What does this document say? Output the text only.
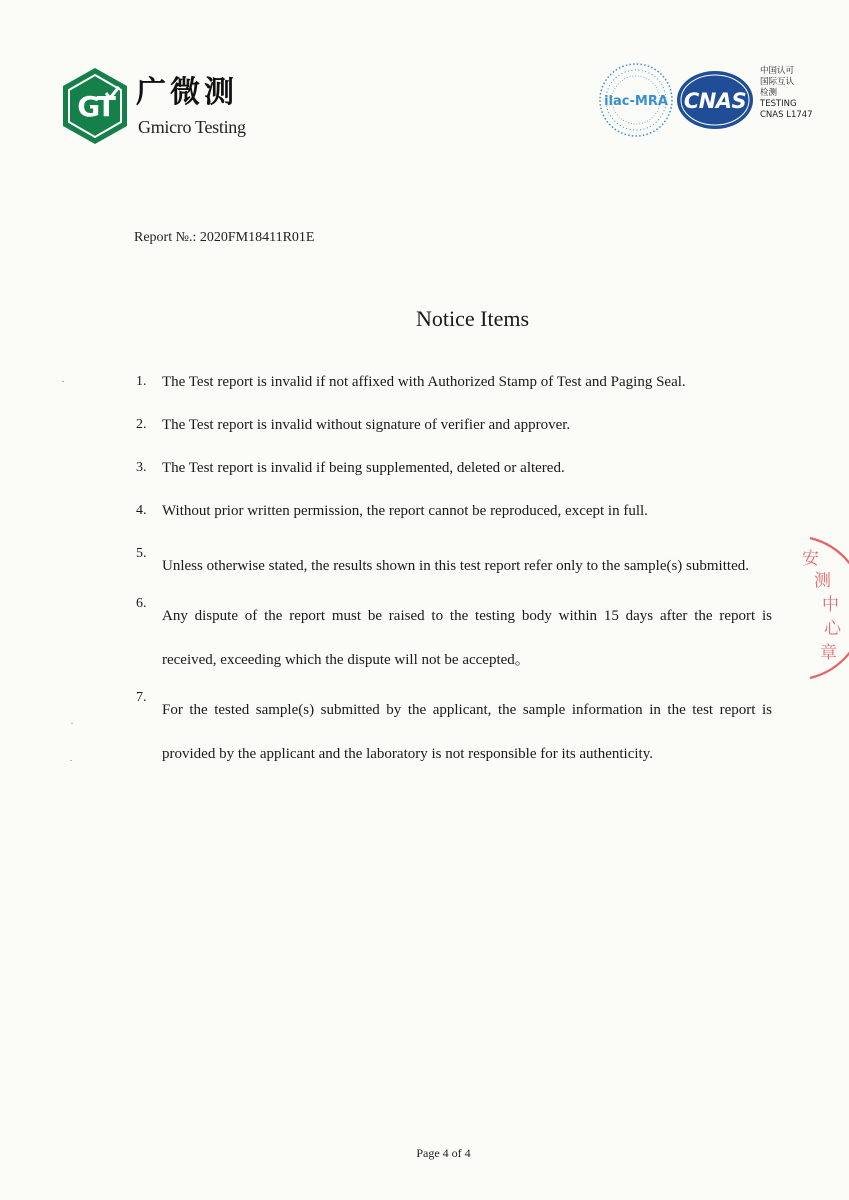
GT 广微测
Gmicro Testing
ilac-MRA CNAS
中国认可
国际互认
检测
TESTING
CNAS L1747
Report №.: 2020FM18411R01E
Notice Items
1. The Test report is invalid if not affixed with Authorized Stamp of Test and Paging Seal.
2. The Test report is invalid without signature of verifier and approver.
3. The Test report is invalid if being supplemented, deleted or altered.
4. Without prior written permission, the report cannot be reproduced, except in full.
5.
Unless otherwise stated, the results shown in this test report refer only to the sample(s) submitted.
6.
Any dispute of the report must be raised to the testing body within 15 days after the report is received, exceeding which the dispute will not be accepted。
7.
For the tested sample(s) submitted by the applicant, the sample information in the test report is provided by the applicant and the laboratory is not responsible for its authenticity.
安测中心章
Page 4 of 4
